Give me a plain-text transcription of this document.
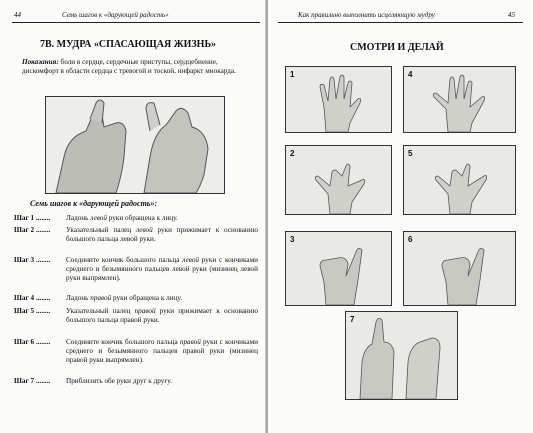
44	Семь шагов к «дарующей радость»
7В. МУДРА «СПАСАЮЩАЯ ЖИЗНЬ»
Показания: боли в сердце, сердечные приступы, сердцебиение, дискомфорт в области сердца с тревогой и тоской, инфаркт миокарда.
Семь шагов к «дарующей радость»:
Шаг 1 ........	Ладонь левой руки обращена к лицу.
Шаг 2 ........	Указательный палец левой руки прижимает к основанию большого пальца левой руки.
Шаг 3 ........	Соедините кончик большого пальца левой руки с кончиками среднего и безымянного пальцев левой руки (мизинец левой руки выпрямлен).
Шаг 4 ........	Ладонь правой руки обращена к лицу.
Шаг 5 ........	Указательный палец правой руки прижимает к основанию большого пальца правой руки.
Шаг 6 ........	Соедините кончик большого пальца правой руки с кончиками среднего и безымянного пальцев правой руки (мизинец правой руки выпрямлен).
Шаг 7 ........	Приблизить обе руки друг к другу.
Как правильно выполнить исцеляющую мудру	45
СМОТРИ И ДЕЛАЙ
1	4
2	5
3	6
7
